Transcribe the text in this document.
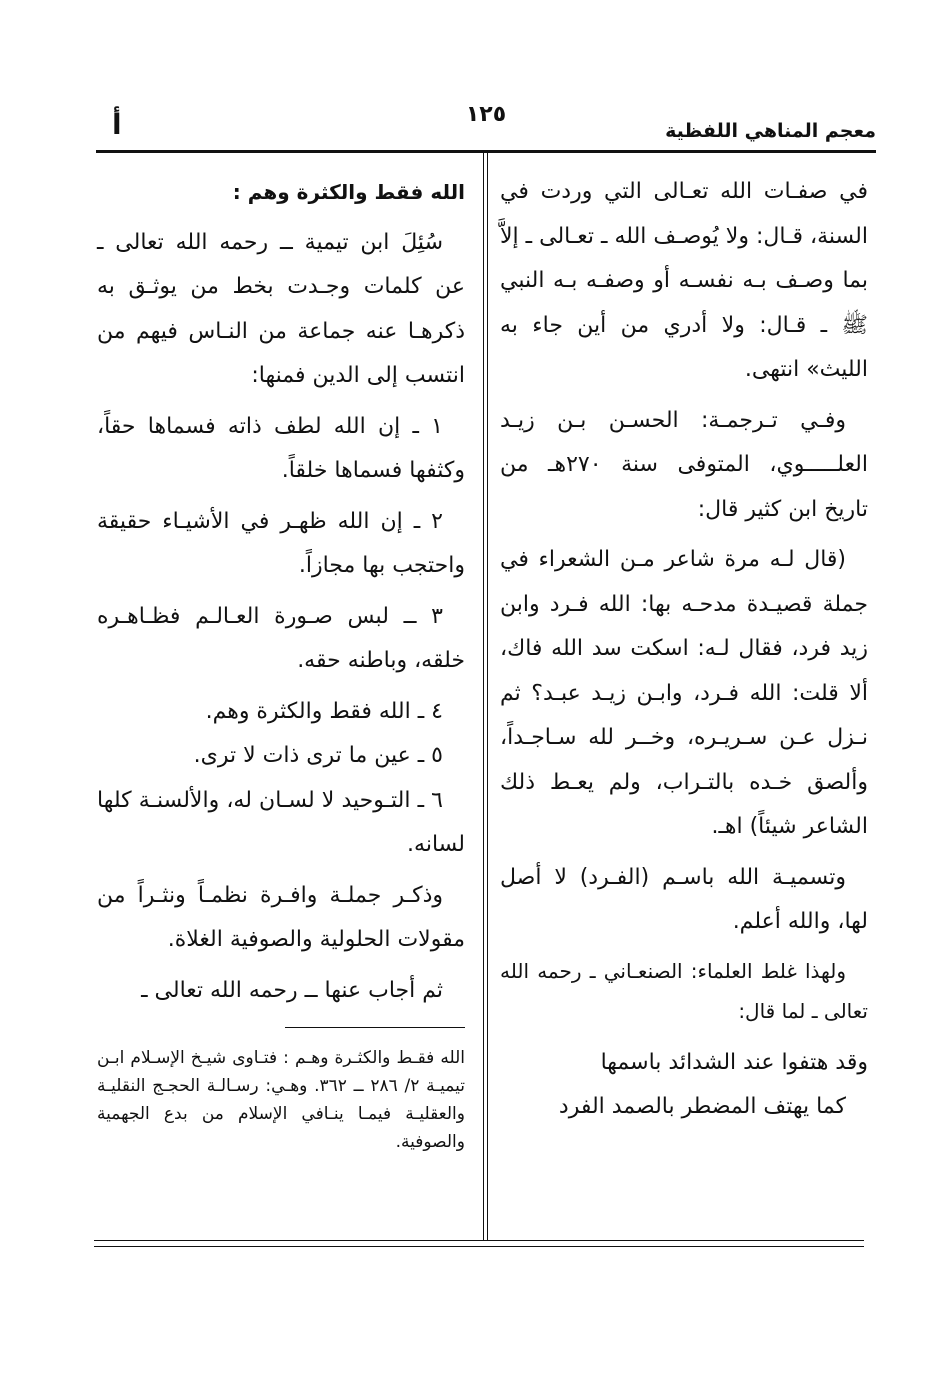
معجم المناهي اللفظية
١٢٥
أ

في صفـات الله تعـالى التي وردت في السنة، قـال: ولا يُوصـف الله ـ تعـالى ـ إلاَّ بما وصـف بـه نفسـه أو وصفـه بـه النبي ﷺ ـ قـال: ولا أدري من أين جاء به الليث» انتهى.

وفـي تـرجمـة: الحسـن بـن زيـد العلـــــوي، المتوفى سنة ٢٧٠هـ من تاريخ ابن كثير قال:

(قال لـه مرة شاعر مـن الشعراء في جملة قصيـدة مدحـه بها: الله فـرد وابن زيد فرد، فقال لـه: اسكت سد الله فاك، ألا قلت: الله فـرد، وابـن زيـد عبـد؟ ثم نـزل عـن سـريـره، وخــر لله سـاجـداً، وألصق خـده بالتـراب، ولم يعـط ذلك الشاعر شيئاً) اهـ.

وتسميـة الله باسـم (الفـرد) لا أصل لها، والله أعلم.

ولهذا غلط العلماء: الصنعـاني ـ رحمه الله تعالى ـ لما قال:

وقد هتفوا عند الشدائد باسمها
كما يهتف المضطر بالصمد الفرد

الله فقط والكثرة وهم :

سُئِلَ ابن تيمية ــ رحمه الله تعالى ـ عن كلمات وجـدت بخط من يوثـق به ذكرهـا عنه جماعة من النـاس فيهم من انتسب إلى الدين فمنها:

١ ـ إن الله لطف ذاته فسماها حقاً، وكثفها فسماها خلقاً.

٢ ـ إن الله ظهـر في الأشيـاء حقيقة واحتجب بها مجازاً.

٣ ــ لبس صـورة العـالـم فظـاهـره خلقه، وباطنه حقه.

٤ ـ الله فقط والكثرة وهم.

٥ ـ عين ما ترى ذات لا ترى.

٦ ـ التـوحيد لا لسـان له، والألسنـة كلها لسانه.

وذكـر جملـة وافـرة نظمـاً ونثـراً من مقولات الحلولية والصوفية الغلاة.

ثم أجاب عنها ــ رحمه الله تعالى ـ

الله فقـط والكثـرة وهـم : فتـاوى شيـخ الإسـلام ابـن تيميـة ٢/ ٢٨٦ ــ ٣٦٢. وهـي: رسـالـة الحجـج النقليـة والعقليـة فيمـا ينـافي الإسلام من بدع الجهمية والصوفية.
